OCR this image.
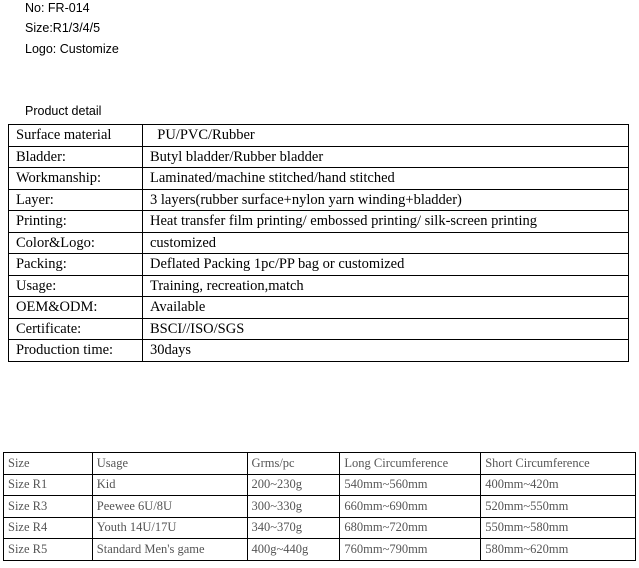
No: FR-014
Size:R1/3/4/5
Logo: Customize
Product detail
Surface material	PU/PVC/Rubber
Bladder:	Butyl bladder/Rubber bladder
Workmanship:	Laminated/machine stitched/hand stitched
Layer:	3 layers(rubber surface+nylon yarn winding+bladder)
Printing:	Heat transfer film printing/ embossed printing/ silk-screen printing
Color&Logo:	customized
Packing:	Deflated Packing 1pc/PP bag or customized
Usage:	Training, recreation,match
OEM&ODM:	Available
Certificate:	BSCI//ISO/SGS
Production time:	30days
Size	Usage	Grms/pc	Long Circumference	Short Circumference
Size R1	Kid	200~230g	540mm~560mm	400mm~420m
Size R3	Peewee 6U/8U	300~330g	660mm~690mm	520mm~550mm
Size R4	Youth 14U/17U	340~370g	680mm~720mm	550mm~580mm
Size R5	Standard Men's game	400g~440g	760mm~790mm	580mm~620mm
